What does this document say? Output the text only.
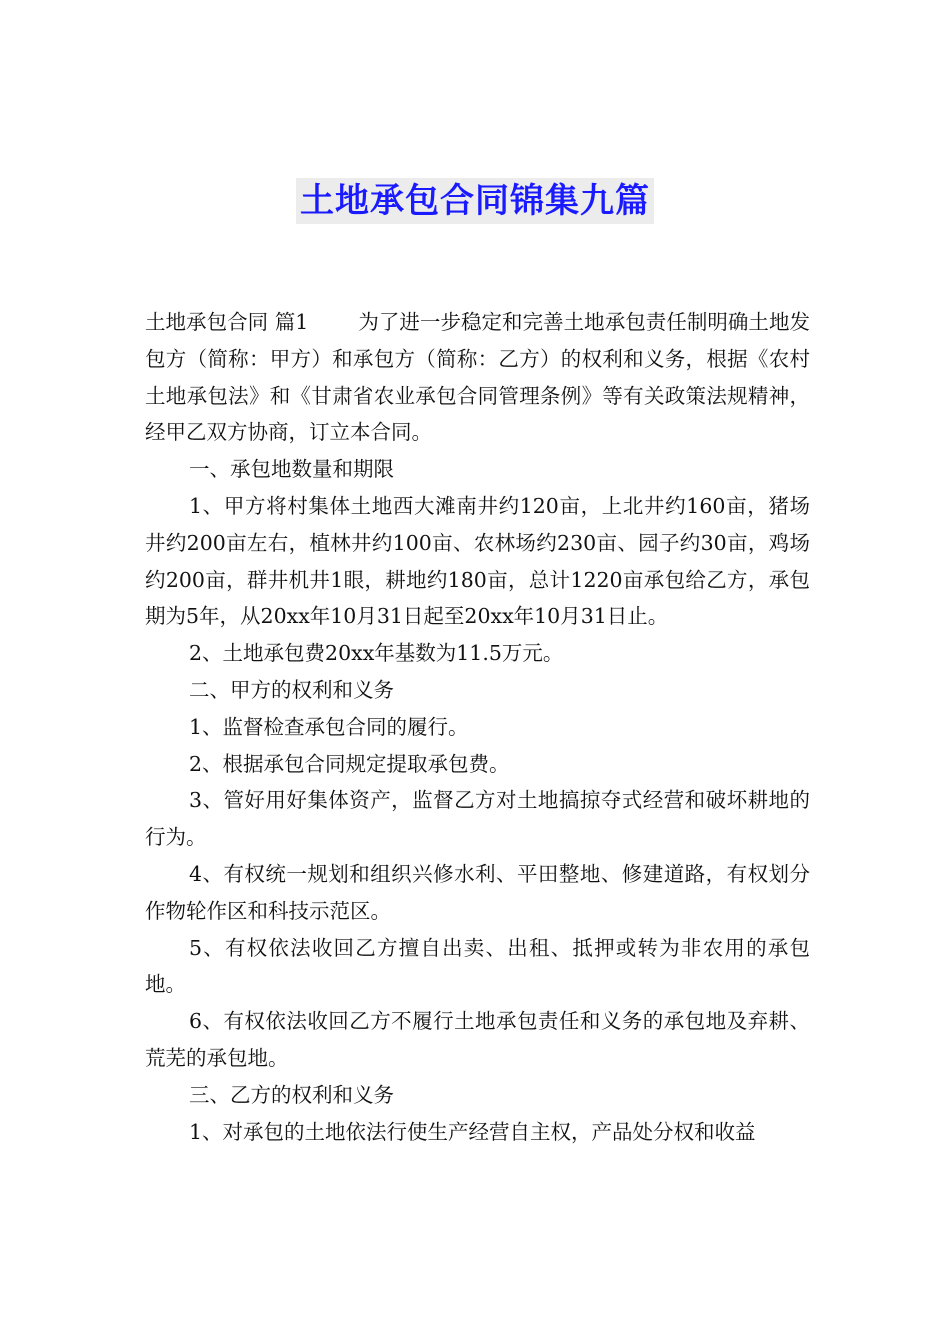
土地承包合同锦集九篇

土地承包合同 篇1 为了进一步稳定和完善土地承包责任制明确土地发包方（简称：甲方）和承包方（简称：乙方）的权利和义务，根据《农村土地承包法》和《甘肃省农业承包合同管理条例》等有关政策法规精神，经甲乙双方协商，订立本合同。

一、承包地数量和期限

1、甲方将村集体土地西大滩南井约120亩，上北井约160亩，猪场井约200亩左右，植林井约100亩、农林场约230亩、园子约30亩，鸡场约200亩，群井机井1眼，耕地约180亩，总计1220亩承包给乙方，承包期为5年，从20xx年10月31日起至20xx年10月31日止。

2、土地承包费20xx年基数为11.5万元。

二、甲方的权利和义务

1、监督检查承包合同的履行。

2、根据承包合同规定提取承包费。

3、管好用好集体资产，监督乙方对土地搞掠夺式经营和破坏耕地的行为。

4、有权统一规划和组织兴修水利、平田整地、修建道路，有权划分作物轮作区和科技示范区。

5、有权依法收回乙方擅自出卖、出租、抵押或转为非农用的承包地。

6、有权依法收回乙方不履行土地承包责任和义务的承包地及弃耕、荒芜的承包地。

三、乙方的权利和义务

1、对承包的土地依法行使生产经营自主权，产品处分权和收益
